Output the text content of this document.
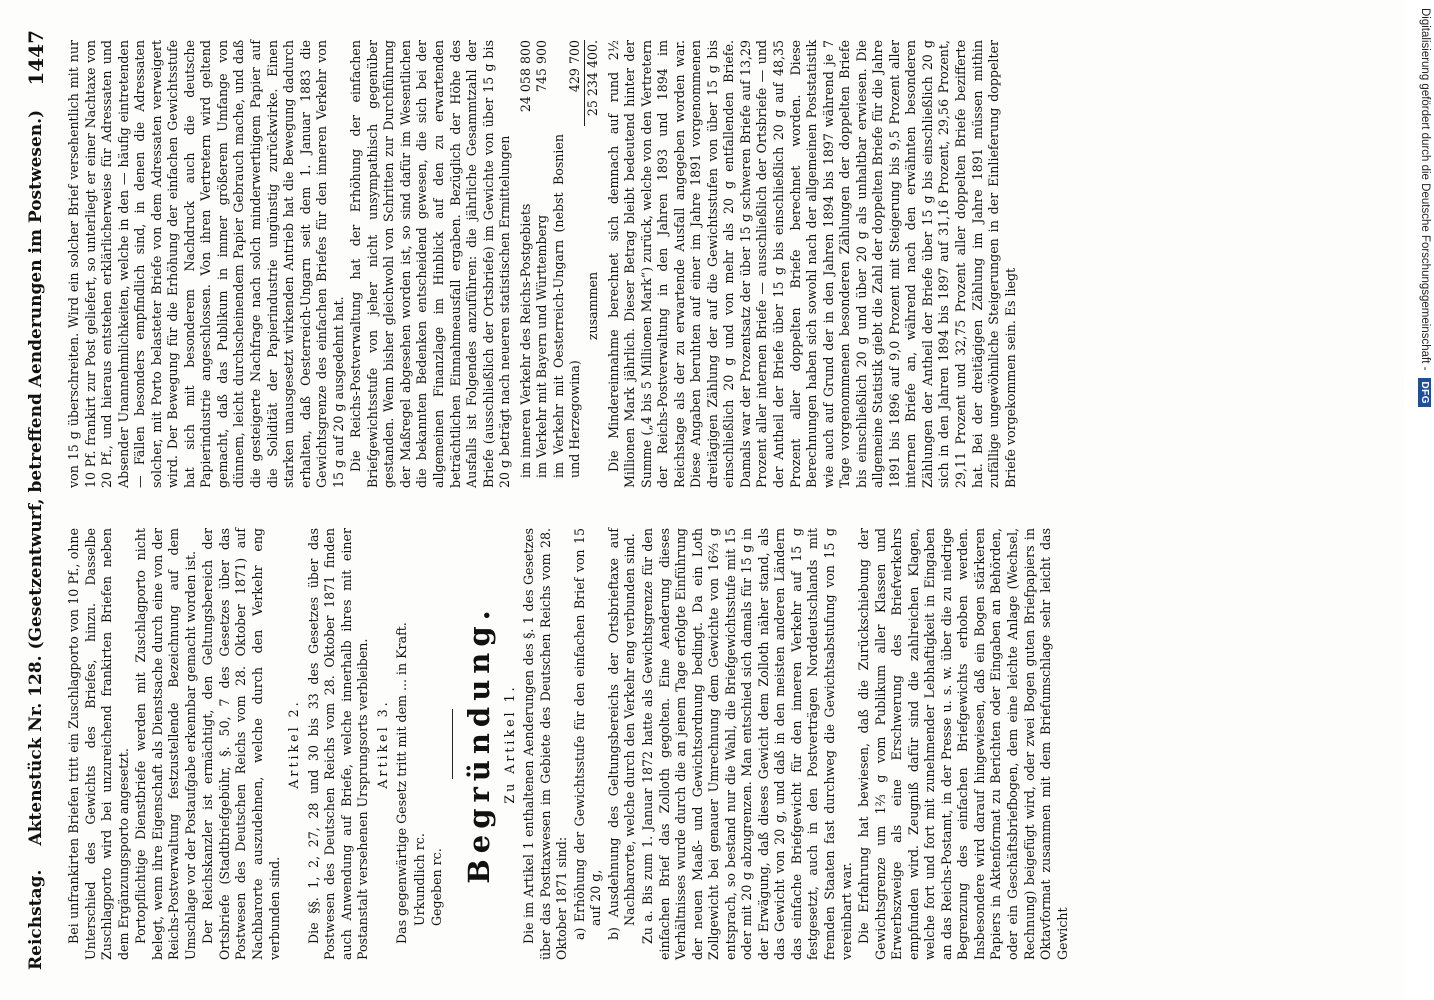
Reichstag.
Aktenstück Nr. 128. (Gesetzentwurf, betreffend Aenderungen im Postwesen.)
1447

Bei unfrankirten Briefen tritt ein Zuschlagporto von 10 Pf., ohne Unterschied des Gewichts des Briefes, hinzu. Dasselbe Zuschlagporto wird bei unzureichend frankirten Briefen neben dem Ergänzungsporto angesetzt. Portopflichtige Dienstbriefe werden mit Zuschlagporto nicht belegt, wenn ihre Eigenschaft als Dienstsache durch eine von der Reichs-Postverwaltung festzustellende Bezeichnung auf dem Umschlage vor der Postaufgabe erkennbar gemacht worden ist. Der Reichskanzler ist ermächtigt, den Geltungsbereich der Ortsbriefe (Stadtbriefgebühr, §. 50, 7 des Gesetzes über das Postwesen des Deutschen Reichs vom 28. Oktober 1871) auf Nachbarorte auszudehnen, welche durch den Verkehr eng verbunden sind.

Artikel 2. Die §§. 1, 2, 27, 28 und 30 bis 33 des Gesetzes über das Postwesen des Deutschen Reichs vom 28. Oktober 1871 finden auch Anwendung auf Briefe, welche innerhalb ihres mit einer Postanstalt versehenen Ursprungsorts verbleiben. Artikel 3. Das gegenwärtige Gesetz tritt mit dem ... in Kraft. Urkundlich rc. Gegeben rc.

Begründung. Zu Artikel 1. Die im Artikel 1 enthaltenen Aenderungen des §. 1 des Gesetzes über das Posttaxwesen im Gebiete des Deutschen Reichs vom 28. Oktober 1871 sind: a) Erhöhung der Gewichtsstufe für den einfachen Brief von 15 auf 20 g, b) Ausdehnung des Geltungsbereichs der Ortsbrieftaxe auf Nachbarorte, welche durch den Verkehr eng verbunden sind. Zu a. Bis zum 1. Januar 1872 hatte als Gewichtsgrenze für den einfachen Brief das Zolloth gegolten. Eine Aenderung dieses Verhältnisses wurde durch die an jenem Tage erfolgte Einführung der neuen Maaß- und Gewichtsordnung bedingt. Da ein Loth Zollgewicht bei genauer Umrechnung dem Gewichte von 16⅔ g entsprach, so bestand nur die Wahl, die Briefgewichtsstufe mit 15 oder mit 20 g abzugrenzen. Man entschied sich damals für 15 g in der Erwägung, daß dieses Gewicht dem Zolloth näher stand, als das Gewicht von 20 g, und daß in den meisten anderen Ländern das einfache Briefgewicht für den inneren Verkehr auf 15 g festgesetzt, auch in den Postverträgen Norddeutschlands mit fremden Staaten fast durchweg die Gewichtsabstufung von 15 g vereinbart war. Die Erfahrung hat bewiesen, daß die Zurückschiebung der Gewichtsgrenze um 1⅔ g vom Publikum aller Klassen und Erwerbszweige als eine Erschwerung des Briefverkehrs empfunden wird. Zeugniß dafür sind die zahlreichen Klagen, welche fort und fort mit zunehmender Lebhaftigkeit in Eingaben an das Reichs-Postamt, in der Presse u. s. w. über die zu niedrige Begrenzung des einfachen Briefgewichts erhoben werden. Insbesondere wird darauf hingewiesen, daß ein Bogen stärkeren Papiers in Aktenformat zu Berichten oder Eingaben an Behörden, oder ein Geschäftsbriefbogen, dem eine leichte Anlage (Wechsel, Rechnung) beigefügt wird, oder zwei Bogen guten Briefpapiers in Oktavformat zusammen mit dem Briefumschlage sehr leicht das Gewicht

von 15 g überschreiten. Wird ein solcher Brief versehentlich mit nur 10 Pf. frankirt zur Post geliefert, so unterliegt er einer Nachtaxe von 20 Pf., und hieraus entstehen erklärlicherweise für Adressaten und Absender Unannehmlichkeiten, welche in den — häufig eintretenden — Fällen besonders empfindlich sind, in denen die Adressaten solcher, mit Porto belasteter Briefe von dem Adressaten verweigert wird. Der Bewegung für die Erhöhung der einfachen Gewichtsstufe hat sich mit besonderem Nachdruck auch die deutsche Papierindustrie angeschlossen. Von ihren Vertretern wird geltend gemacht, daß das Publikum in immer größerem Umfange von dünnem, leicht durchscheinendem Papier Gebrauch mache, und daß die gesteigerte Nachfrage nach solch minderwerthigem Papier auf die Solidität der Papierindustrie ungünstig zurückwirke. Einen starken unausgesetzt wirkenden Antrieb hat die Bewegung dadurch erhalten, daß Oesterreich-Ungarn seit dem 1. Januar 1883 die Gewichtsgrenze des einfachen Briefes für den inneren Verkehr von 15 g auf 20 g ausgedehnt hat. Die Reichs-Postverwaltung hat der Erhöhung der einfachen Briefgewichtsstufe von jeher nicht unsympathisch gegenüber gestanden. Wenn bisher gleichwohl von Schritten zur Durchführung der Maßregel abgesehen worden ist, so sind dafür im Wesentlichen die bekannten Bedenken entscheidend gewesen, die sich bei der allgemeinen Finanzlage im Hinblick auf den zu erwartenden beträchtlichen Einnahmeausfall ergaben. Bezüglich der Höhe des Ausfalls ist Folgendes anzuführen: die jährliche Gesammtzahl der Briefe (ausschließlich der Ortsbriefe) im Gewichte von über 15 g bis 20 g beträgt nach neueren statistischen Ermittelungen im inneren Verkehr des Reichs-Postgebiets
24 058 800
im Verkehr mit Bayern und Württemberg
745 900
im Verkehr mit Oesterreich-Ungarn (nebst Bosnien und Herzegowina)
429 700
zusammen
25 234 400. Die Mindereinnahme berechnet sich demnach auf rund 2½ Millionen Mark jährlich. Dieser Betrag bleibt bedeutend hinter der Summe („4 bis 5 Millionen Mark“) zurück, welche von den Vertretern der Reichs-Postverwaltung in den Jahren 1893 und 1894 im Reichstage als der zu erwartende Ausfall angegeben worden war. Diese Angaben beruhten auf einer im Jahre 1891 vorgenommenen dreitägigen Zählung der auf die Gewichtsstufen von über 15 g bis einschließlich 20 g und von mehr als 20 g entfallenden Briefe. Damals war der Prozentsatz der über 15 g schweren Briefe auf 13,29 Prozent aller internen Briefe — ausschließlich der Ortsbriefe — und der Antheil der Briefe über 15 g bis einschließlich 20 g auf 48,35 Prozent aller doppelten Briefe berechnet worden. Diese Berechnungen haben sich sowohl nach der allgemeinen Poststatistik wie auch auf Grund der in den Jahren 1894 bis 1897 während je 7 Tage vorgenommenen besonderen Zählungen der doppelten Briefe bis einschließlich 20 g und über 20 g als unhaltbar erwiesen. Die allgemeine Statistik giebt die Zahl der doppelten Briefe für die Jahre 1891 bis 1896 auf 9,0 Prozent mit Steigerung bis 9,5 Prozent aller internen Briefe an, während nach den erwähnten besonderen Zählungen der Antheil der Briefe über 15 g bis einschließlich 20 g sich in den Jahren 1894 bis 1897 auf 31,16 Prozent, 29,56 Prozent, 29,11 Prozent und 32,75 Prozent aller doppelten Briefe bezifferte hat. Bei der dreitägigen Zählung im Jahre 1891 müssen mithin zufällige ungewöhnliche Steigerungen in der Einlieferung doppelter Briefe vorgekommen sein. Es liegt

Digitalisierung gefördert durch die Deutsche Forschungsgemeinschaft -
DFG
